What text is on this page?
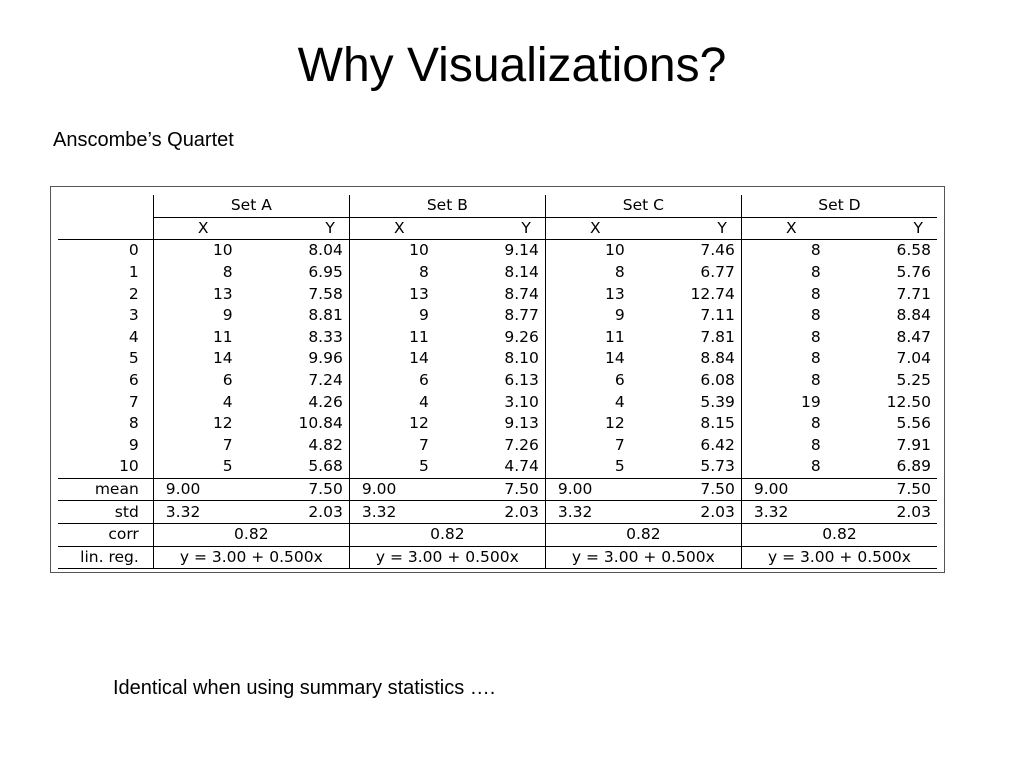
Why Visualizations?
Anscombe’s Quartet
	Set A		Set B		Set C		Set D	
	X	Y	X	Y	X	Y	X	Y
0	10	8.04	10	9.14	10	7.46	8	6.58
1	8	6.95	8	8.14	8	6.77	8	5.76
2	13	7.58	13	8.74	13	12.74	8	7.71
3	9	8.81	9	8.77	9	7.11	8	8.84
4	11	8.33	11	9.26	11	7.81	8	8.47
5	14	9.96	14	8.10	14	8.84	8	7.04
6	6	7.24	6	6.13	6	6.08	8	5.25
7	4	4.26	4	3.10	4	5.39	19	12.50
8	12	10.84	12	9.13	12	8.15	8	5.56
9	7	4.82	7	7.26	7	6.42	8	7.91
10	5	5.68	5	4.74	5	5.73	8	6.89
mean	9.00	7.50	9.00	7.50	9.00	7.50	9.00	7.50
std	3.32	2.03	3.32	2.03	3.32	2.03	3.32	2.03
corr	0.82		0.82		0.82		0.82	
lin. reg.	y = 3.00 + 0.500x		y = 3.00 + 0.500x		y = 3.00 + 0.500x		y = 3.00 + 0.500x	
Identical when using summary statistics ….
